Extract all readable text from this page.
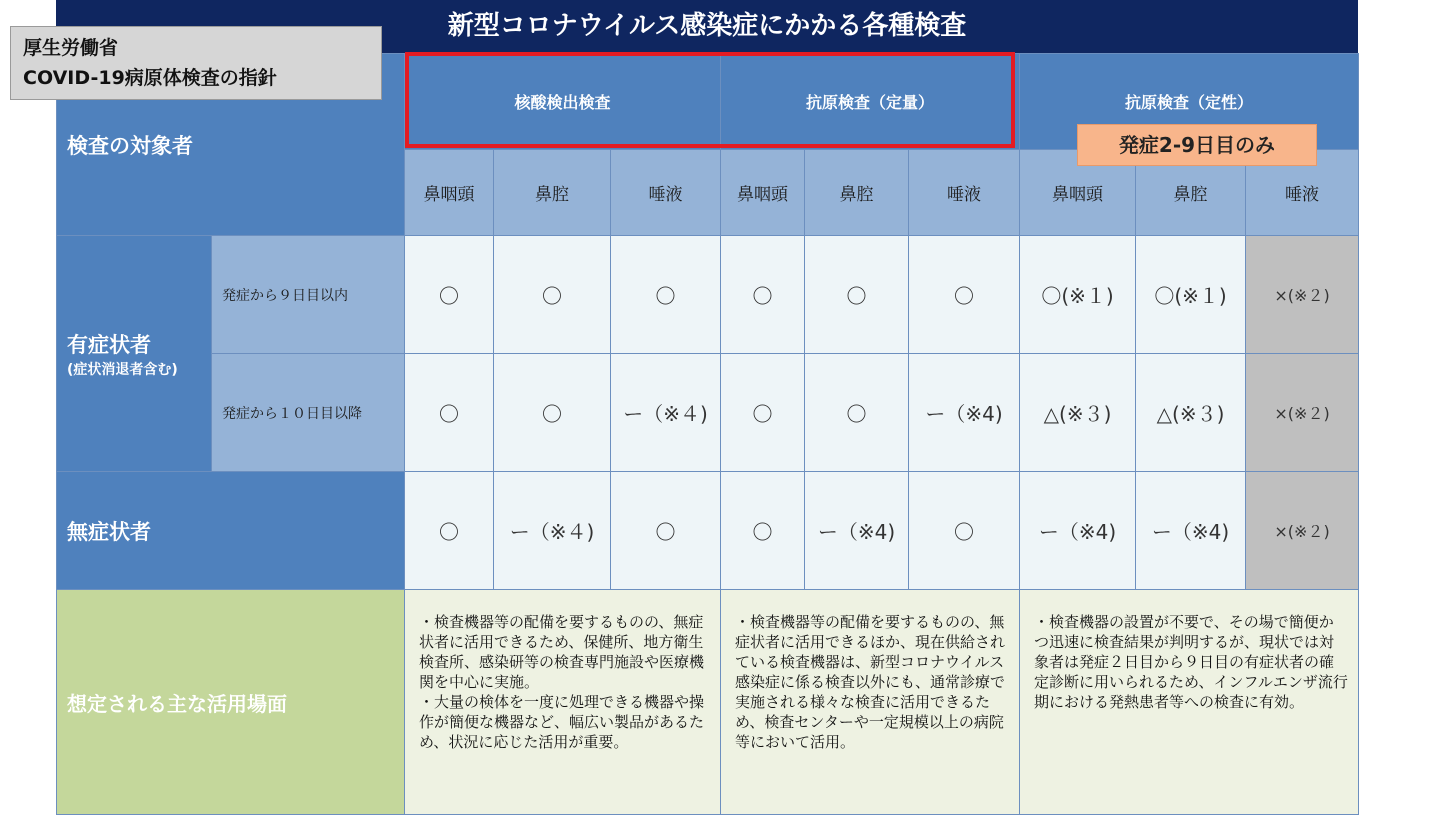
新型コロナウイルス感染症にかかる各種検査
検査の対象者		核酸検出検査			抗原検査（定量）			抗原検査（定性）		
		鼻咽頭	鼻腔	唾液	鼻咽頭	鼻腔	唾液	鼻咽頭	鼻腔	唾液

有症状者
(症状消退者含む)	発症から９日目以内	〇	〇	〇	〇	〇	〇	〇(※１)	〇(※１)	×(※２)
	発症から１０日目以降	〇	〇	ー（※４)	〇	〇	ー（※4)	△(※３)	△(※３)	×(※２)
無症状者		〇	ー（※４)	〇	〇	ー（※4)	〇	ー（※4)	ー（※4)	×(※２)
想定される主な活用場面		・検査機器等の配備を要するものの、無症状者に活用できるため、保健所、地方衛生検査所、感染研等の検査専門施設や医療機関を中心に実施。
・大量の検体を一度に処理できる機器や操作が簡便な機器など、幅広い製品があるため、状況に応じた活用が重要。			・検査機器等の配備を要するものの、無症状者に活用できるほか、現在供給されている検査機器は、新型コロナウイルス感染症に係る検査以外にも、通常診療で実施される様々な検査に活用できるため、検査センターや一定規模以上の病院等において活用。			・検査機器の設置が不要で、その場で簡便かつ迅速に検査結果が判明するが、現状では対象者は発症２日目から９日目の有症状者の確定診断に用いられるため、インフルエンザ流行期における発熱患者等への検査に有効。		
厚生労働省
COVID-19病原体検査の指針
発症2-9日目のみ
